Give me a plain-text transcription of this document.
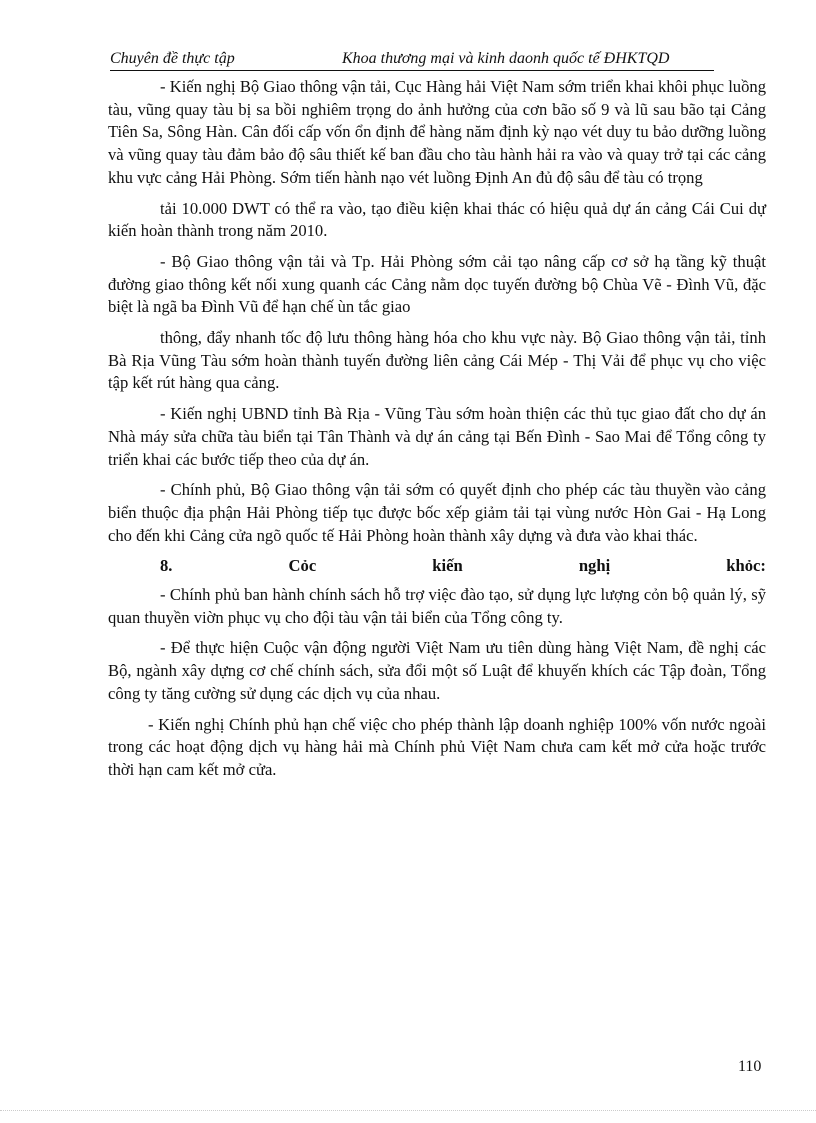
Chuyên đề thực tập	Khoa thương mại và kinh daonh quốc tế ĐHKTQD

- Kiến nghị Bộ Giao thông vận tải, Cục Hàng hải Việt Nam sớm triển khai khôi phục luồng tàu, vũng quay tàu bị sa bồi nghiêm trọng do ảnh hưởng của cơn bão số 9 và lũ sau bão tại Cảng Tiên Sa, Sông Hàn. Cân đối cấp vốn ổn định để hàng năm định kỳ nạo vét duy tu bảo dưỡng luồng và vũng quay tàu đảm bảo độ sâu thiết kế ban đầu cho tàu hành hải ra vào và quay trở tại các cảng khu vực cảng Hải Phòng. Sớm tiến hành nạo vét luồng Định An đủ độ sâu để tàu có trọng

tải 10.000 DWT có thể ra vào, tạo điều kiện khai thác có hiệu quả dự án cảng Cái Cui dự kiến hoàn thành trong năm 2010.

- Bộ Giao thông vận tải và Tp. Hải Phòng sớm cải tạo nâng cấp cơ sở hạ tầng kỹ thuật đường giao thông kết nối xung quanh các Cảng nằm dọc tuyến đường bộ Chùa Vẽ - Đình Vũ, đặc biệt là ngã ba Đình Vũ để hạn chế ùn tắc giao

thông, đẩy nhanh tốc độ lưu thông hàng hóa cho khu vực này. Bộ Giao thông vận tải, tỉnh Bà Rịa Vũng Tàu sớm hoàn thành tuyến đường liên cảng Cái Mép - Thị Vải để phục vụ cho việc tập kết rút hàng qua cảng.

- Kiến nghị UBND tỉnh Bà Rịa - Vũng Tàu sớm hoàn thiện các thủ tục giao đất cho dự án Nhà máy sửa chữa tàu biển tại Tân Thành và dự án cảng tại Bến Đình - Sao Mai để Tổng công ty triển khai các bước tiếp theo của dự án.

- Chính phủ, Bộ Giao thông vận tải sớm có quyết định cho phép các tàu thuyền vào cảng biển thuộc địa phận Hải Phòng tiếp tục được bốc xếp giảm tải tại vùng nước Hòn Gai - Hạ Long cho đến khi Cảng cửa ngõ quốc tế Hải Phòng hoàn thành xây dựng và đưa vào khai thác.

8.	Cỏc	kiến	nghị	khỏc:

- Chính phủ ban hành chính sách hỗ trợ việc đào tạo, sử dụng lực lượng cỏn bộ quản lý, sỹ quan thuyền viờn phục vụ cho đội tàu vận tải biển của Tổng công ty.

- Để thực hiện Cuộc vận động người Việt Nam ưu tiên dùng hàng Việt Nam, đề nghị các Bộ, ngành xây dựng cơ chế chính sách, sửa đổi một số Luật để khuyến khích các Tập đoàn, Tổng công ty tăng cường sử dụng các dịch vụ của nhau.

- Kiến nghị Chính phủ hạn chế việc cho phép thành lập doanh nghiệp 100% vốn nước ngoài trong các hoạt động dịch vụ hàng hải mà Chính phủ Việt Nam chưa cam kết mở cửa hoặc trước thời hạn cam kết mở cửa.

110
